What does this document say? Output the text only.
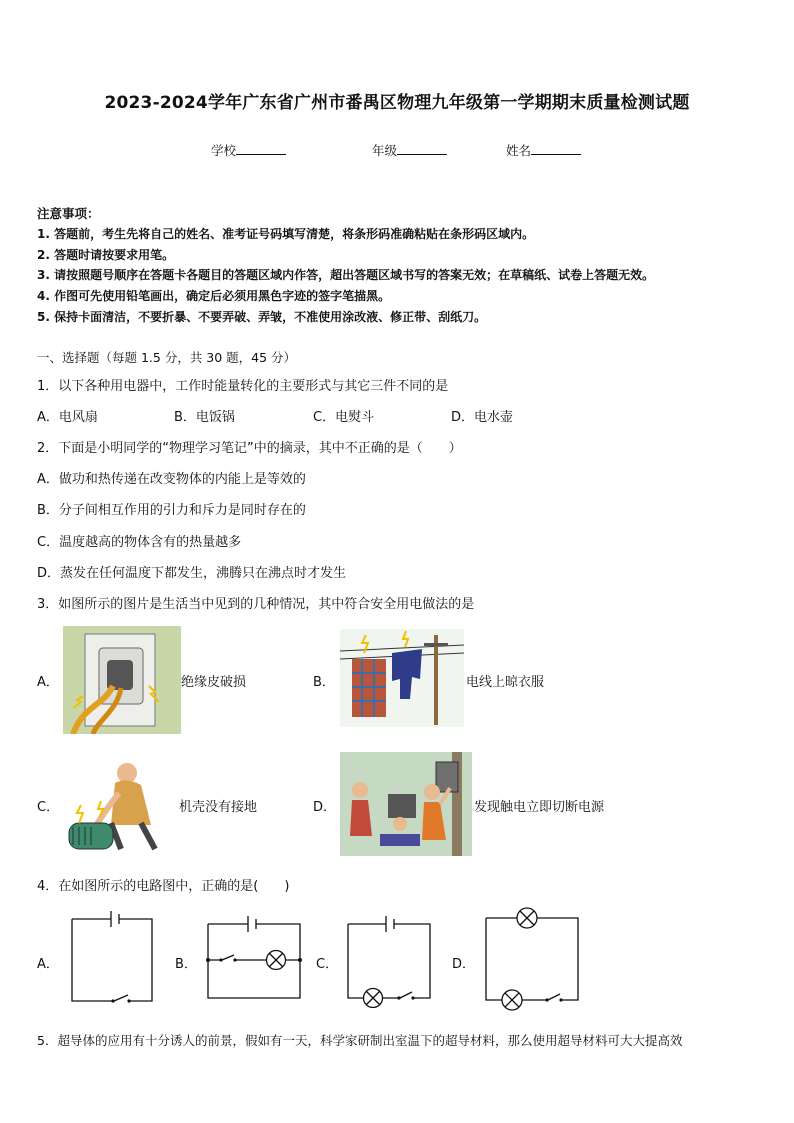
2023-2024学年广东省广州市番禺区物理九年级第一学期期末质量检测试题
学校	年级	姓名
注意事项：
1. 答题前，考生先将自己的姓名、准考证号码填写清楚，将条形码准确粘贴在条形码区域内。
2. 答题时请按要求用笔。
3. 请按照题号顺序在答题卡各题目的答题区域内作答，超出答题区域书写的答案无效；在草稿纸、试卷上答题无效。
4. 作图可先使用铅笔画出，确定后必须用黑色字迹的签字笔描黑。
5. 保持卡面清洁，不要折暴、不要弄破、弄皱，不准使用涂改液、修正带、刮纸刀。
一、选择题（每题 1.5 分，共 30 题，45 分）
1．以下各种用电器中，工作时能量转化的主要形式与其它三件不同的是
A．电风扇	B．电饭锅	C．电熨斗	D．电水壶
2．下面是小明同学的“物理学习笔记”中的摘录，其中不正确的是（　　）
A．做功和热传递在改变物体的内能上是等效的
B．分子间相互作用的引力和斥力是同时存在的
C．温度越高的物体含有的热量越多
D．蒸发在任何温度下都发生，沸腾只在沸点时才发生
3．如图所示的图片是生活当中见到的几种情况，其中符合安全用电做法的是
A．	绝缘皮破损	B．	电线上晾衣服
C．	机壳没有接地	D．	发现触电立即切断电源
4．在如图所示的电路图中，正确的是(　　)
A．	B．	C．	D．
5．超导体的应用有十分诱人的前景，假如有一天，科学家研制出室温下的超导材料，那么使用超导材料可大大提高效
